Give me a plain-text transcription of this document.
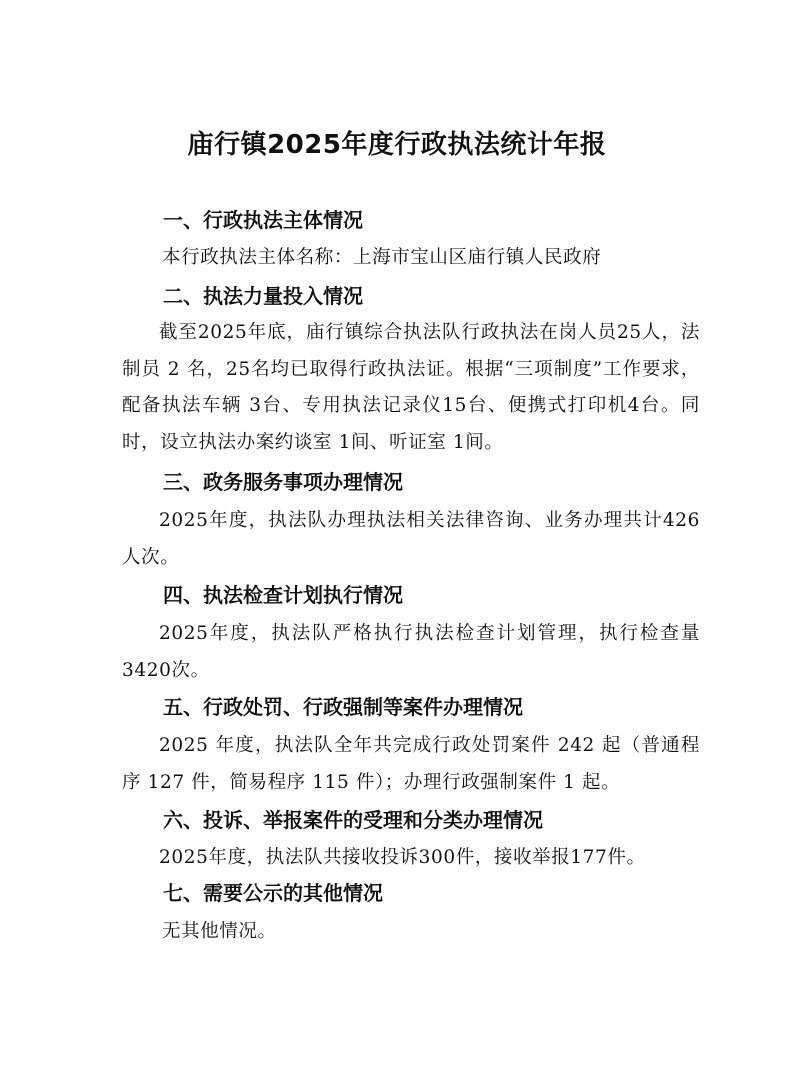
庙行镇2025年度行政执法统计年报
一、行政执法主体情况

本行政执法主体名称：上海市宝山区庙行镇人民政府

二、执法力量投入情况

截至2025年底，庙行镇综合执法队行政执法在岗人员25人，法制员 2 名，25名均已取得行政执法证。根据“三项制度”工作要求，配备执法车辆 3台、专用执法记录仪15台、便携式打印机4台。同时，设立执法办案约谈室 1间、听证室 1间。

三、政务服务事项办理情况

2025年度，执法队办理执法相关法律咨询、业务办理共计426人次。

四、执法检查计划执行情况

2025年度，执法队严格执行执法检查计划管理，执行检查量3420次。

五、行政处罚、行政强制等案件办理情况

2025 年度，执法队全年共完成行政处罚案件 242 起（普通程序 127 件，简易程序 115 件）；办理行政强制案件 1 起。

六、投诉、举报案件的受理和分类办理情况

2025年度，执法队共接收投诉300件，接收举报177件。

七、需要公示的其他情况

无其他情况。
